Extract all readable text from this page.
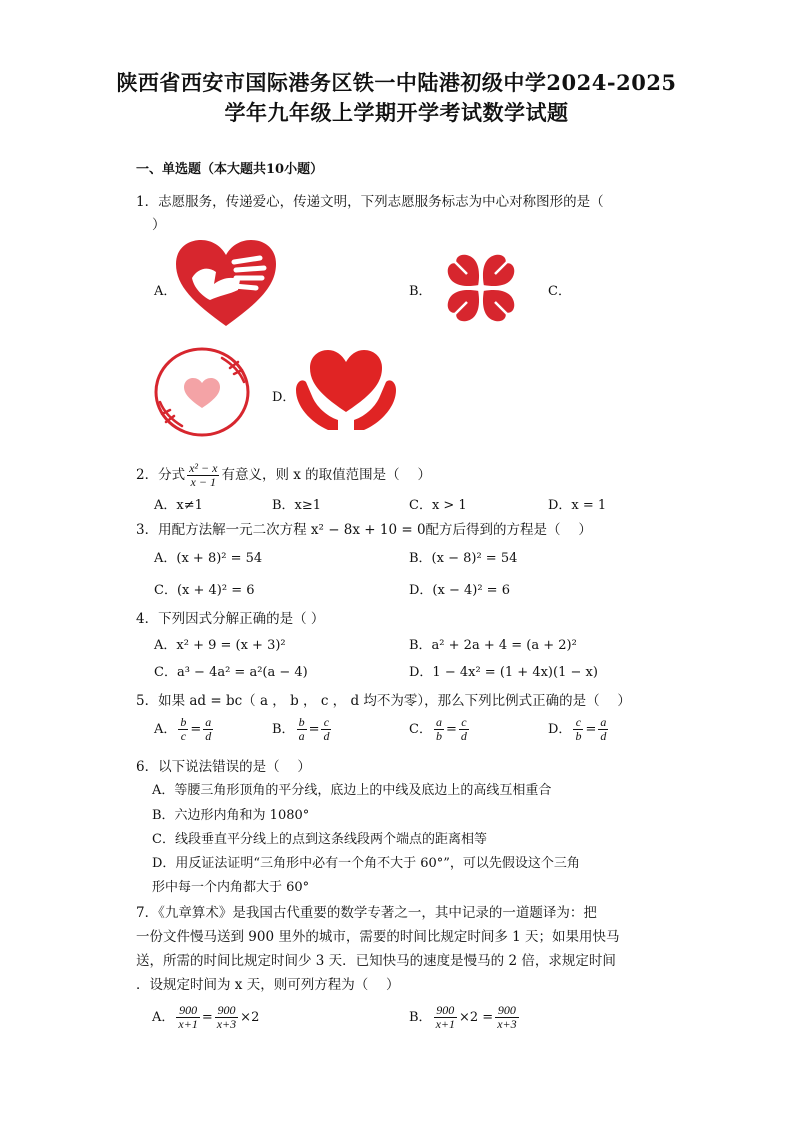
陕西省西安市国际港务区铁一中陆港初级中学2024-2025
学年九年级上学期开学考试数学试题
一、单选题（本大题共10小题）
1．志愿服务，传递爱心，传递文明，下列志愿服务标志为中心对称图形的是（
）
A．	B．	C．
D．
2．分式 $\frac{\text{x² − x}}{x - 1}$ 有意义，则 x 的取值范围是（　 ）
A．x≠1	B．x≥1	C．x > 1	D．x = 1
3．用配方法解一元二次方程 x² − 8x + 10 = 0配方后得到的方程是（　 ）
A．(x + 8)² = 54	B．(x − 8)² = 54
C．(x + 4)² = 6	D．(x − 4)² = 6
4．下列因式分解正确的是（ ）
A．x² + 9 = (x + 3)²	B．a² + 2a + 4 = (a + 2)²
C．a³ − 4a² = a²(a − 4)	D．1 − 4x² = (1 + 4x)(1 − x)
5．如果 ad = bc（ a ， b ， c ， d 均不为零），那么下列比例式正确的是（　 ）
A． $\frac{b}{c} = \frac{a}{d}$	B． $\frac{b}{a} = \frac{c}{d}$	C． $\frac{a}{b} = \frac{c}{d}$	D． $\frac{c}{b} = \frac{a}{d}$
6．以下说法错误的是（　 ）
A．等腰三角形顶角的平分线，底边上的中线及底边上的高线互相重合
B．六边形内角和为 1080°
C．线段垂直平分线上的点到这条线段两个端点的距离相等
D．用反证法证明“三角形中必有一个角不大于 60°”，可以先假设这个三角
形中每一个内角都大于 60°
7．《九章算术》是我国古代重要的数学专著之一，其中记录的一道题译为：把
一份文件慢马送到 900 里外的城市，需要的时间比规定时间多 1 天；如果用快马
送，所需的时间比规定时间少 3 天．已知快马的速度是慢马的 2 倍，求规定时间
．设规定时间为 x 天，则可列方程为（　 ）
A． $\frac{900}{x+1} = \frac{900}{x+3} \times 2$	B． $\frac{900}{x+1} \times 2 = \frac{900}{x+3}$
